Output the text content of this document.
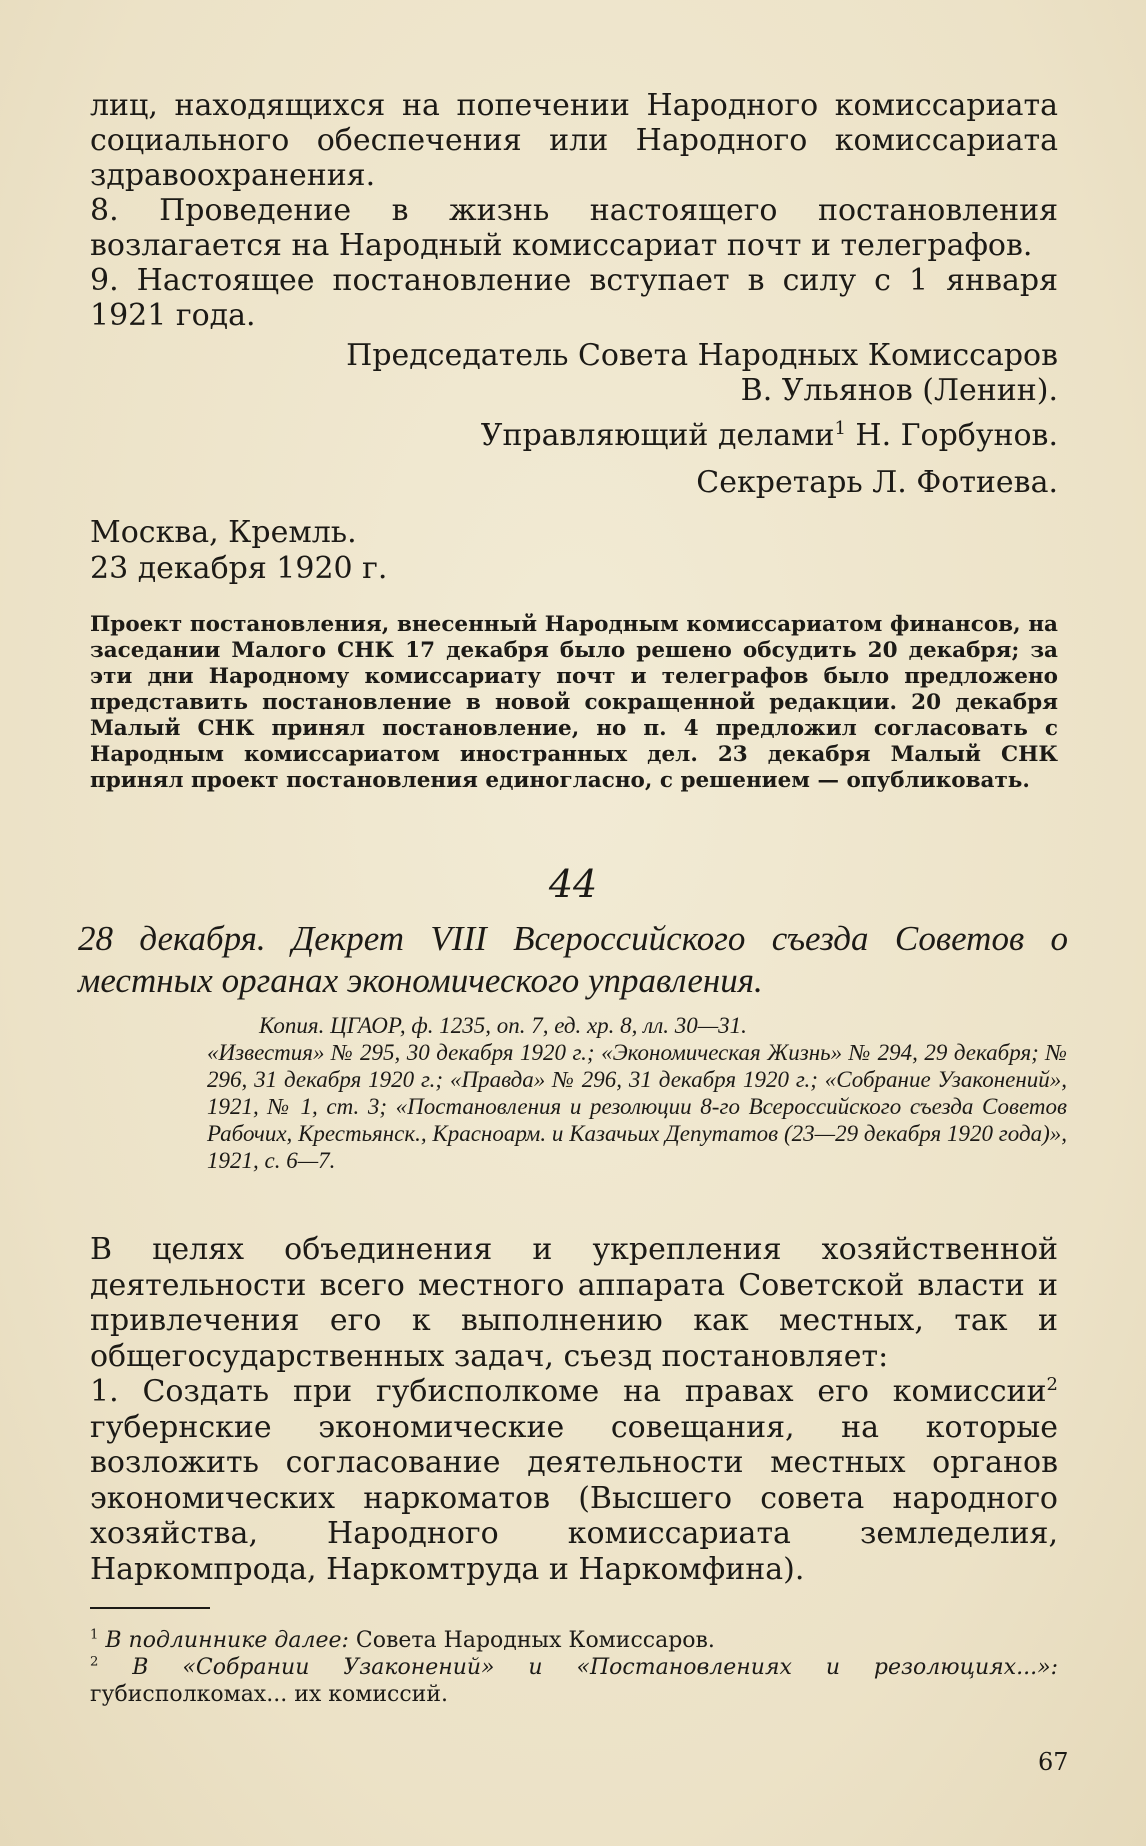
лиц, находящихся на попечении Народного комиссариата социального обеспечения или Народного комиссариата здравоохранения.

8. Проведение в жизнь настоящего постановления возлагается на Народный комиссариат почт и телеграфов.

9. Настоящее постановление вступает в силу с 1 января 1921 года.

Председатель Совета Народных Комиссаров
В. Ульянов (Ленин).
Управляющий делами$^1$ Н. Горбунов.
Секретарь Л. Фотиева.
Москва, Кремль.
23 декабря 1920 г.
Проект постановления, внесенный Народным комиссариатом финансов, на заседании Малого СНК 17 декабря было решено обсудить 20 декабря; за эти дни Народному комиссариату почт и телеграфов было предложено представить постановление в новой сокращенной редакции. 20 декабря Малый СНК принял постановление, но п. 4 предложил согласовать с Народным комиссариатом иностранных дел. 23 декабря Малый СНК принял проект постановления единогласно, с решением — опубликовать.
44
28 декабря. Декрет VIII Всероссийского съезда Советов о местных органах экономического управления.
Копия. ЦГАОР, ф. 1235, оп. 7, ед. хр. 8, лл. 30—31.
«Известия» № 295, 30 декабря 1920 г.; «Экономическая Жизнь» № 294, 29 декабря; № 296, 31 декабря 1920 г.; «Правда» № 296, 31 декабря 1920 г.; «Собрание Узаконений», 1921, № 1, ст. 3; «Постановления и резолюции 8-го Всероссийского съезда Советов Рабочих, Крестьянск., Красноарм. и Казачьих Депутатов (23—29 декабря 1920 года)», 1921, с. 6—7.

В целях объединения и укрепления хозяйственной деятельности всего местного аппарата Советской власти и привлечения его к выполнению как местных, так и общегосударственных задач, съезд постановляет:

1. Создать при губисполкоме на правах его комиссии$^2$ губернские экономические совещания, на которые возложить согласование деятельности местных органов экономических наркоматов (Высшего совета народного хозяйства, Народного комиссариата земледелия, Наркомпрода, Наркомтруда и Наркомфина).

$^1$ В подлиннике далее: Совета Народных Комиссаров.

$^2$ В «Собрании Узаконений» и «Постановлениях и резолюциях...»: губисполкомах... их комиссий.

67
